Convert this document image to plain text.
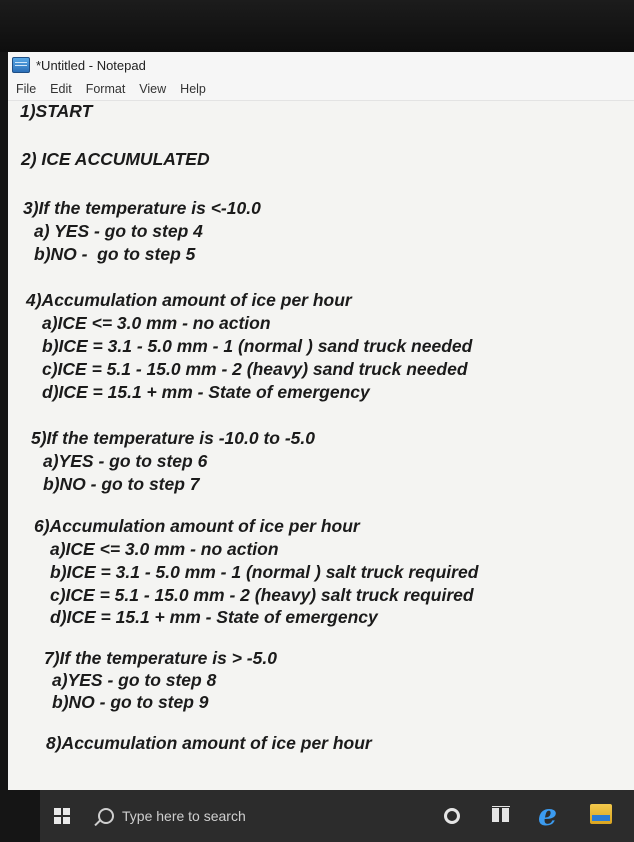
*Untitled - Notepad
File Edit Format View Help
1)START
2) ICE ACCUMULATED
3)If the temperature is <-10.0
a) YES - go to step 4
b)NO -  go to step 5
4)Accumulation amount of ice per hour
a)ICE <= 3.0 mm - no action
b)ICE = 3.1 - 5.0 mm - 1 (normal ) sand truck needed
c)ICE = 5.1 - 15.0 mm - 2 (heavy) sand truck needed
d)ICE = 15.1 + mm - State of emergency
5)If the temperature is -10.0 to -5.0
a)YES - go to step 6
b)NO - go to step 7
6)Accumulation amount of ice per hour
a)ICE <= 3.0 mm - no action
b)ICE = 3.1 - 5.0 mm - 1 (normal ) salt truck required
c)ICE = 5.1 - 15.0 mm - 2 (heavy) salt truck required
d)ICE = 15.1 + mm - State of emergency
7)If the temperature is > -5.0
a)YES - go to step 8
b)NO - go to step 9
8)Accumulation amount of ice per hour
Type here to search	e
